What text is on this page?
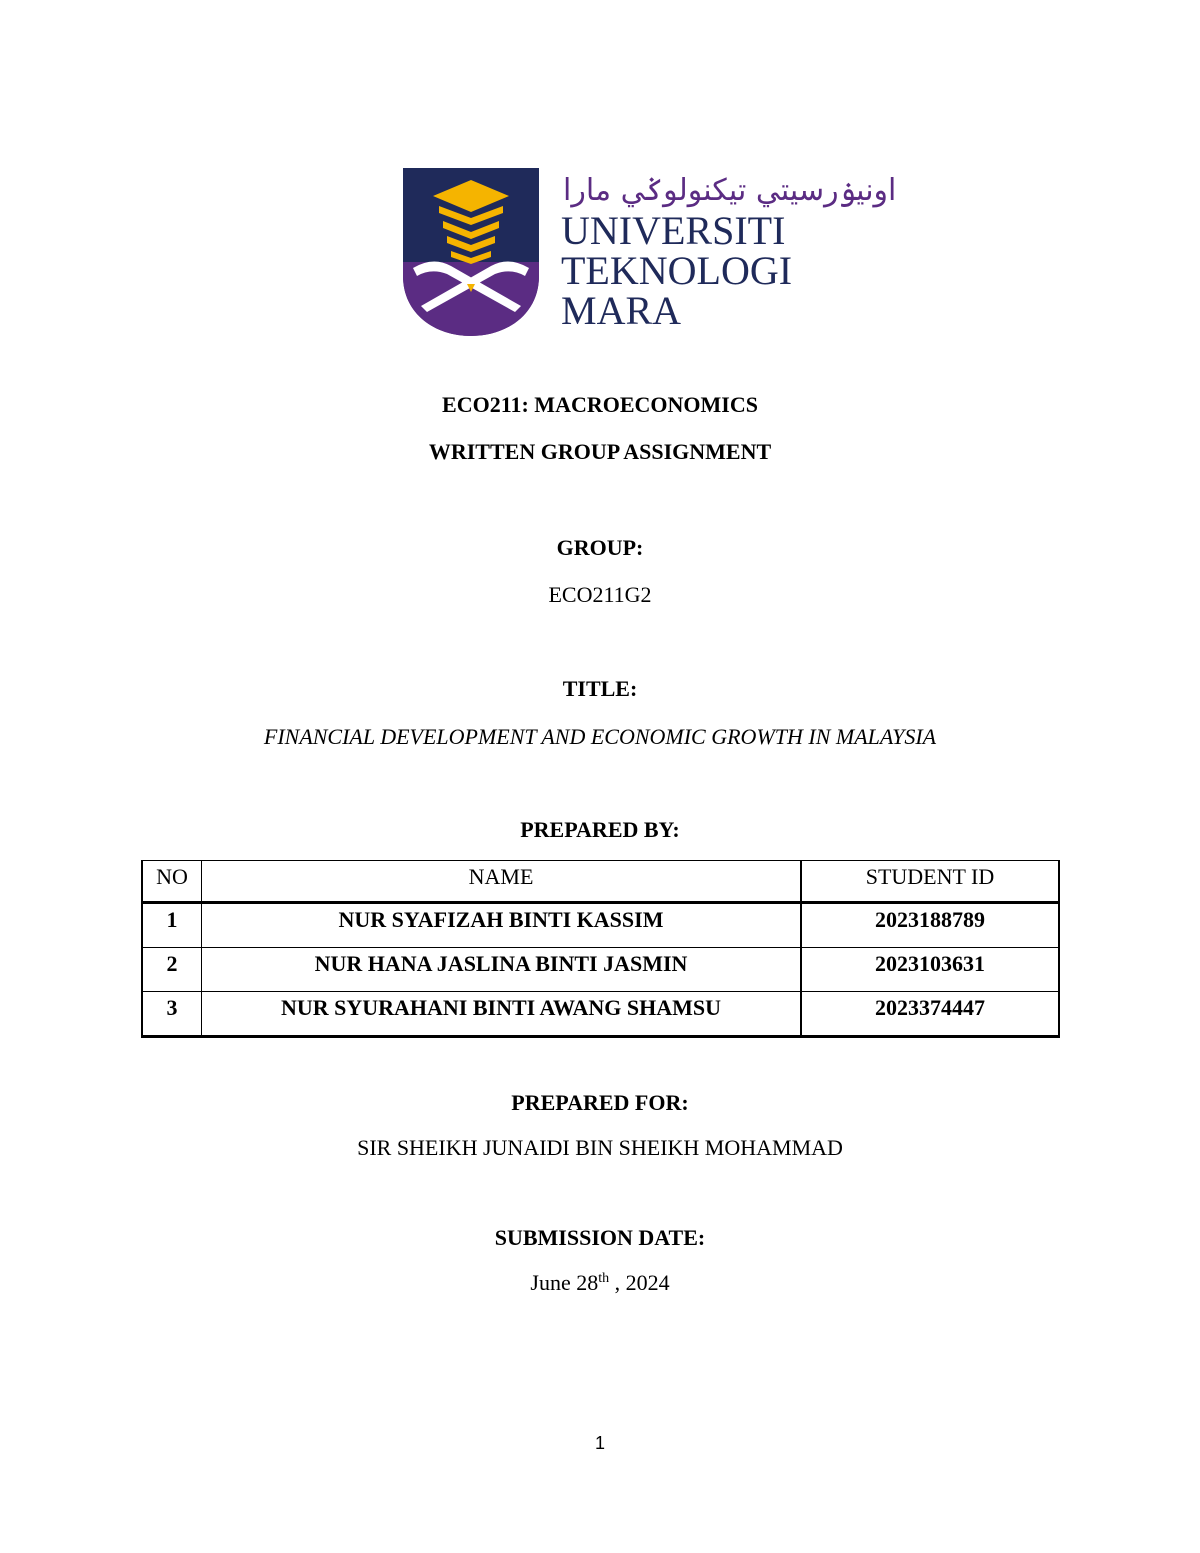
اونيۏرسيتي تيکنولوݢي مارا
UNIVERSITI
TEKNOLOGI
MARA
ECO211: MACROECONOMICS
WRITTEN GROUP ASSIGNMENT
GROUP:
ECO211G2
TITLE:
FINANCIAL DEVELOPMENT AND ECONOMIC GROWTH IN MALAYSIA
PREPARED BY:
NO	NAME	STUDENT ID
1	NUR SYAFIZAH BINTI KASSIM	2023188789
2	NUR HANA JASLINA BINTI JASMIN	2023103631
3	NUR SYURAHANI BINTI AWANG SHAMSU	2023374447
PREPARED FOR:
SIR SHEIKH JUNAIDI BIN SHEIKH MOHAMMAD
SUBMISSION DATE:
June 28th , 2024
1
